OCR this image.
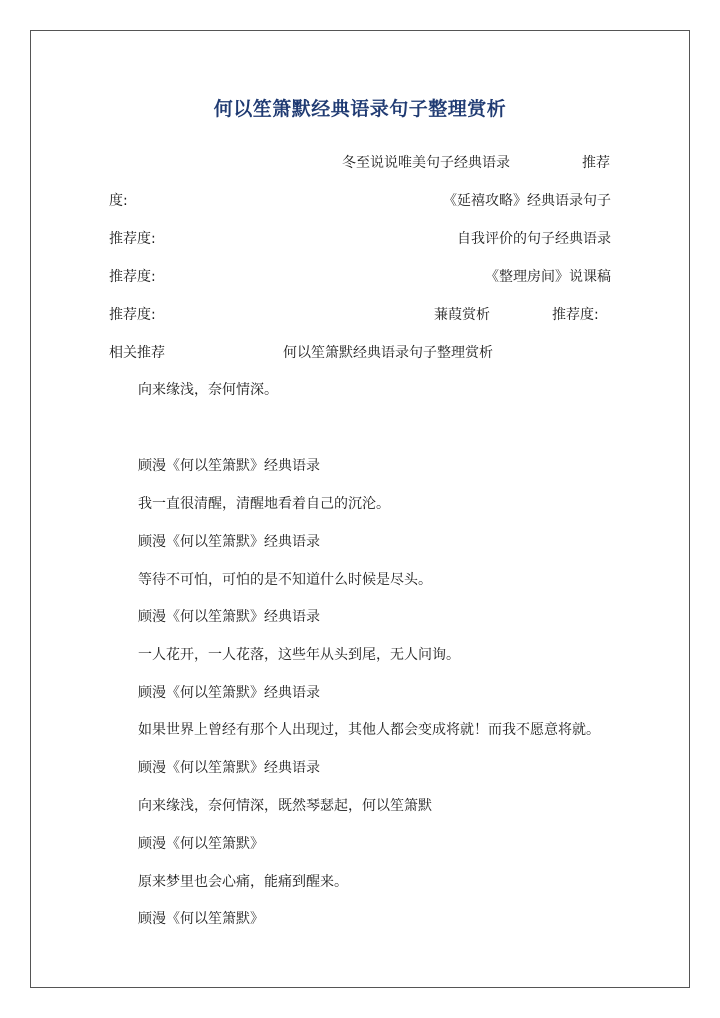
何以笙箫默经典语录句子整理赏析
冬至说说唯美句子经典语录	推荐
度:	《延禧攻略》经典语录句子
推荐度:	自我评价的句子经典语录
推荐度:	《整理房间》说课稿
推荐度:	蒹葭赏析	推荐度:
相关推荐	何以笙箫默经典语录句子整理赏析

向来缘浅，奈何情深。

顾漫《何以笙箫默》经典语录

我一直很清醒，清醒地看着自己的沉沦。

顾漫《何以笙箫默》经典语录

等待不可怕，可怕的是不知道什么时候是尽头。

顾漫《何以笙箫默》经典语录

一人花开，一人花落，这些年从头到尾，无人问询。

顾漫《何以笙箫默》经典语录

如果世界上曾经有那个人出现过，其他人都会变成将就！而我不愿意将就。

顾漫《何以笙箫默》经典语录

向来缘浅，奈何情深，既然琴瑟起，何以笙箫默

顾漫《何以笙箫默》

原来梦里也会心痛，能痛到醒来。

顾漫《何以笙箫默》
